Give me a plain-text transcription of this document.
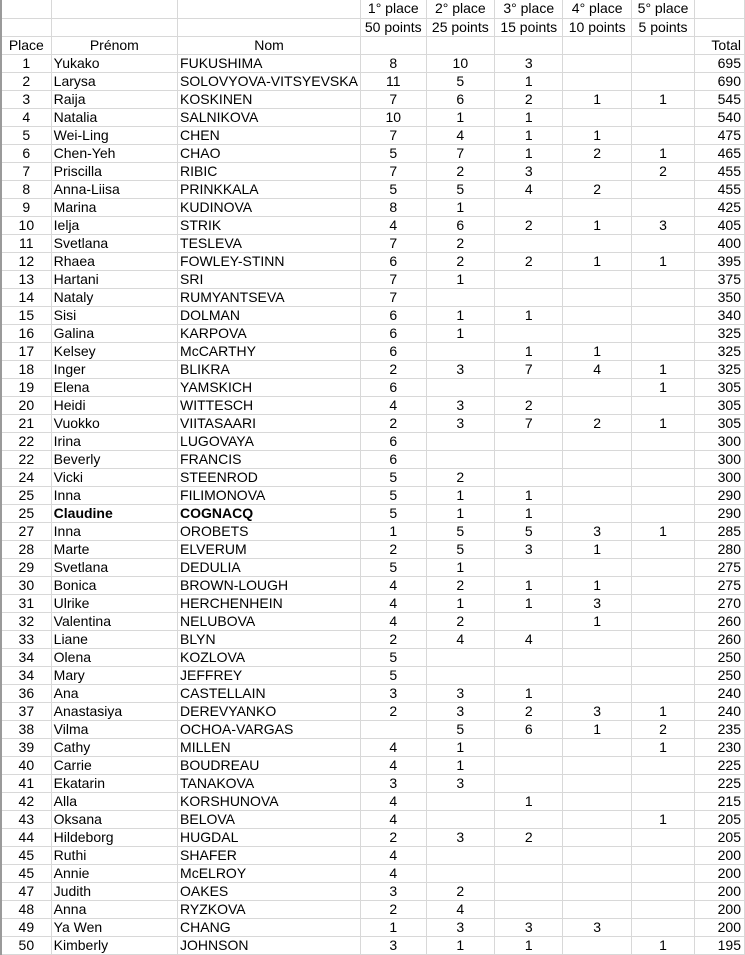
			1° place	2° place	3° place	4° place	5° place	
			50 points	25 points	15 points	10 points	5 points	
Place	Prénom	Nom						Total
1	Yukako	FUKUSHIMA	8	10	3			695
2	Larysa	SOLOVYOVA-VITSYEVSKA	11	5	1			690
3	Raija	KOSKINEN	7	6	2	1	1	545
4	Natalia	SALNIKOVA	10	1	1			540
5	Wei-Ling	CHEN	7	4	1	1		475
6	Chen-Yeh	CHAO	5	7	1	2	1	465
7	Priscilla	RIBIC	7	2	3		2	455
8	Anna-Liisa	PRINKKALA	5	5	4	2		455
9	Marina	KUDINOVA	8	1				425
10	Ielja	STRIK	4	6	2	1	3	405
11	Svetlana	TESLEVA	7	2				400
12	Rhaea	FOWLEY-STINN	6	2	2	1	1	395
13	Hartani	SRI	7	1				375
14	Nataly	RUMYANTSEVA	7					350
15	Sisi	DOLMAN	6	1	1			340
16	Galina	KARPOVA	6	1				325
17	Kelsey	McCARTHY	6		1	1		325
18	Inger	BLIKRA	2	3	7	4	1	325
19	Elena	YAMSKICH	6				1	305
20	Heidi	WITTESCH	4	3	2			305
21	Vuokko	VIITASAARI	2	3	7	2	1	305
22	Irina	LUGOVAYA	6					300
22	Beverly	FRANCIS	6					300
24	Vicki	STEENROD	5	2				300
25	Inna	FILIMONOVA	5	1	1			290
25	Claudine	COGNACQ	5	1	1			290
27	Inna	OROBETS	1	5	5	3	1	285
28	Marte	ELVERUM	2	5	3	1		280
29	Svetlana	DEDULIA	5	1				275
30	Bonica	BROWN-LOUGH	4	2	1	1		275
31	Ulrike	HERCHENHEIN	4	1	1	3		270
32	Valentina	NELUBOVA	4	2		1		260
33	Liane	BLYN	2	4	4			260
34	Olena	KOZLOVA	5					250
34	Mary	JEFFREY	5					250
36	Ana	CASTELLAIN	3	3	1			240
37	Anastasiya	DEREVYANKO	2	3	2	3	1	240
38	Vilma	OCHOA-VARGAS		5	6	1	2	235
39	Cathy	MILLEN	4	1			1	230
40	Carrie	BOUDREAU	4	1				225
41	Ekatarin	TANAKOVA	3	3				225
42	Alla	KORSHUNOVA	4		1			215
43	Oksana	BELOVA	4				1	205
44	Hildeborg	HUGDAL	2	3	2			205
45	Ruthi	SHAFER	4					200
45	Annie	McELROY	4					200
47	Judith	OAKES	3	2				200
48	Anna	RYZKOVA	2	4				200
49	Ya Wen	CHANG	1	3	3	3		200
50	Kimberly	JOHNSON	3	1	1		1	195
